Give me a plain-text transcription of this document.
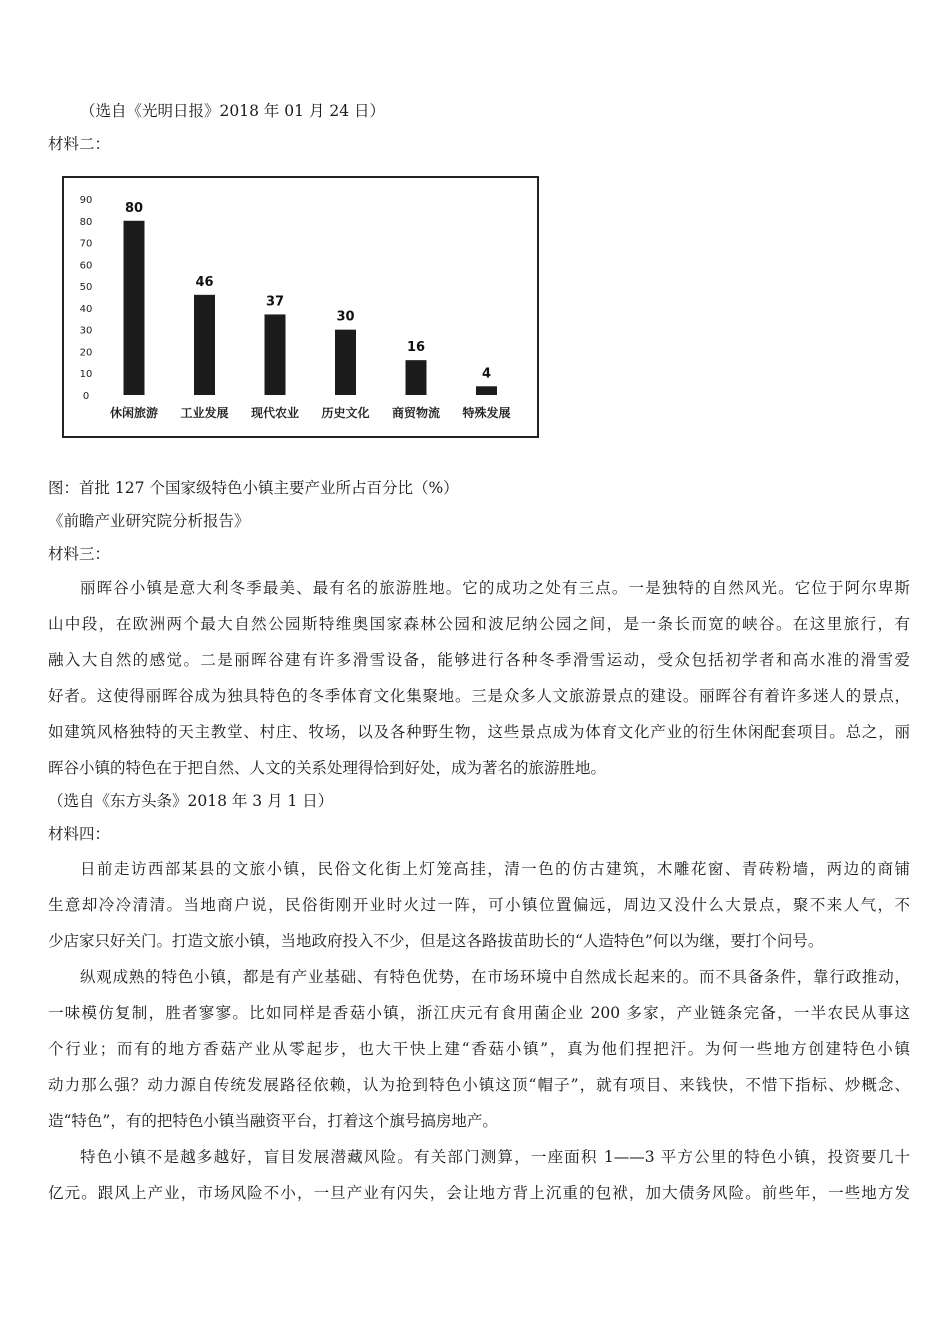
（选自《光明日报》2018 年 01 月 24 日）
材料二：
0
10
20
30
40
50
60
70
80
90
80
休闲旅游
46
工业发展
37
现代农业
30
历史文化
16
商贸物流
4
特殊发展
图：首批 127 个国家级特色小镇主要产业所占百分比（%）
《前瞻产业研究院分析报告》
材料三：
丽晖谷小镇是意大利冬季最美、最有名的旅游胜地。它的成功之处有三点。一是独特的自然风光。它位于阿尔卑斯
山中段，在欧洲两个最大自然公园斯特维奥国家森林公园和波尼纳公园之间，是一条长而宽的峡谷。在这里旅行，有
融入大自然的感觉。二是丽晖谷建有许多滑雪设备，能够进行各种冬季滑雪运动，受众包括初学者和高水准的滑雪爱
好者。这使得丽晖谷成为独具特色的冬季体育文化集聚地。三是众多人文旅游景点的建设。丽晖谷有着许多迷人的景点，
如建筑风格独特的天主教堂、村庄、牧场，以及各种野生物，这些景点成为体育文化产业的衍生休闲配套项目。总之，丽
晖谷小镇的特色在于把自然、人文的关系处理得恰到好处，成为著名的旅游胜地。
（选自《东方头条》2018 年 3 月 1 日）
材料四：
日前走访西部某县的文旅小镇，民俗文化街上灯笼高挂，清一色的仿古建筑，木雕花窗、青砖粉墙，两边的商铺
生意却冷冷清清。当地商户说，民俗街刚开业时火过一阵，可小镇位置偏远，周边又没什么大景点，聚不来人气，不
少店家只好关门。打造文旅小镇，当地政府投入不少，但是这各路拔苗助长的“人造特色”何以为继，要打个问号。
纵观成熟的特色小镇，都是有产业基础、有特色优势，在市场环境中自然成长起来的。而不具备条件，靠行政推动，
一味模仿复制，胜者寥寥。比如同样是香菇小镇，浙江庆元有食用菌企业 200 多家，产业链条完备，一半农民从事这
个行业；而有的地方香菇产业从零起步，也大干快上建“香菇小镇”，真为他们捏把汗。为何一些地方创建特色小镇
动力那么强？动力源自传统发展路径依赖，认为抢到特色小镇这顶“帽子”，就有项目、来钱快，不惜下指标、炒概念、
造“特色”，有的把特色小镇当融资平台，打着这个旗号搞房地产。
特色小镇不是越多越好，盲目发展潜藏风险。有关部门测算，一座面积 1——3 平方公里的特色小镇，投资要几十
亿元。跟风上产业，市场风险不小，一旦产业有闪失，会让地方背上沉重的包袱，加大债务风险。前些年，一些地方发
